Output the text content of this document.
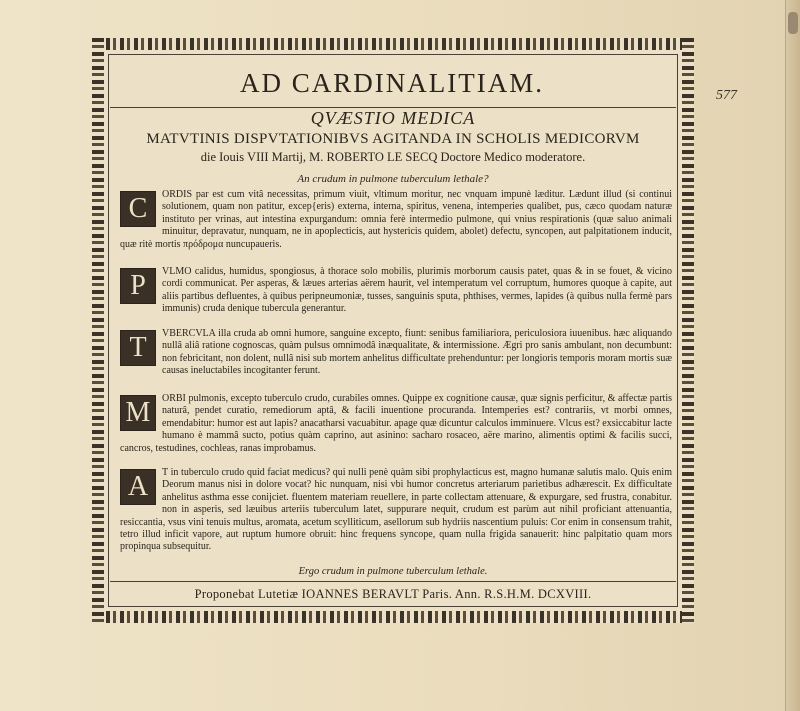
577
AD CARDINALITIAM.
QVÆSTIO MEDICA
MATVTINIS DISPVTATIONIBVS AGITANDA IN SCHOLIS MEDICORVM
die Iouis VIII Martij, M. ROBERTO LE SECQ Doctore Medico moderatore.
An crudum in pulmone tuberculum lethale?
C	ORDIS par est cum vitâ necessitas, primum viuit, vltimum moritur, nec vnquam impunè læditur. Lædunt illud (si continui solutionem, quam non patitur, excep{eris) externa, interna, spiritus, venena, intemperies qualibet, pus, cæco quodam naturæ instituto per vrinas, aut intestina expurgandum: omnia ferè intermedio pulmone, qui vnius respirationis (quæ saluo animali minuitur, depravatur, nunquam, ne in apoplecticis, aut hystericis quidem, abolet) defectu, syncopen, aut palpitationem inducit, quæ ritè mortis πρόδρομα nuncupaueris.
P	VLMO calidus, humidus, spongiosus, à thorace solo mobilis, plurimis morborum causis patet, quas & in se fouet, & vicino cordi communicat. Per asperas, & læues arterias aërem haurit, vel intemperatum vel corruptum, humores quoque à capite, aut aliis partibus defluentes, à quibus peripneumoniæ, tusses, sanguinis sputa, phthises, vermes, lapides (à quibus nulla fermè pars immunis) cruda denique tubercula generantur.
T	VBERCVLA illa cruda ab omni humore, sanguine excepto, fiunt: senibus familiariora, periculosiora iuuenibus. hæc aliquando nullâ aliâ ratione cognoscas, quàm pulsus omnimodâ inæqualitate, & intermissione. Ægri pro sanis ambulant, non decumbunt: non febricitant, non dolent, nullâ nisi sub mortem anhelitus difficultate prehenduntur: per longioris temporis moram mortis suæ causas ineluctabiles incogitanter ferunt.
M	ORBI pulmonis, excepto tuberculo crudo, curabiles omnes. Quippe ex cognitione causæ, quæ signis perficitur, & affectæ partis naturâ, pendet curatio, remediorum aptâ, & facili inuentione procuranda. Intemperies est? contrariis, vt morbi omnes, emendabitur: humor est aut lapis? anacatharsi vacuabitur. apage quæ dicuntur calculos imminuere. Vlcus est? exsiccabitur lacte humano è mammâ sucto, potius quàm caprino, aut asinino: sacharo rosaceo, aëre marino, alimentis optimi & facilis succi, cancros, testudines, cochleas, ranas improbamus.
A	T in tuberculo crudo quid faciat medicus? qui nulli penè quàm sibi prophylacticus est, magno humanæ salutis malo. Quis enim Deorum manus nisi in dolore vocat? hic nunquam, nisi vbi humor concretus arteriarum parietibus adhærescit. Ex difficultate anhelitus asthma esse conijciet. fluentem materiam reuellere, in parte collectam attenuare, & expurgare, sed frustra, conabitur. non in asperis, sed læuibus arteriis tuberculum latet, suppurare nequit, crudum est parùm aut nihil proficiant attenuantia, resiccantia, vsus vini tenuis multus, aromata, acetum scylliticum, asellorum sub hydriis nascentium puluis: Cor enim in consensum trahit, tetro illud inficit vapore, aut ruptum humore obruit: hinc frequens syncope, quam nulla frigida sanauerit: hinc palpitatio quam mors propinqua subsequitur.
Ergo crudum in pulmone tuberculum lethale.
Proponebat Lutetiæ IOANNES BERAVLT Paris. Ann. R.S.H.M. DCXVIII.
